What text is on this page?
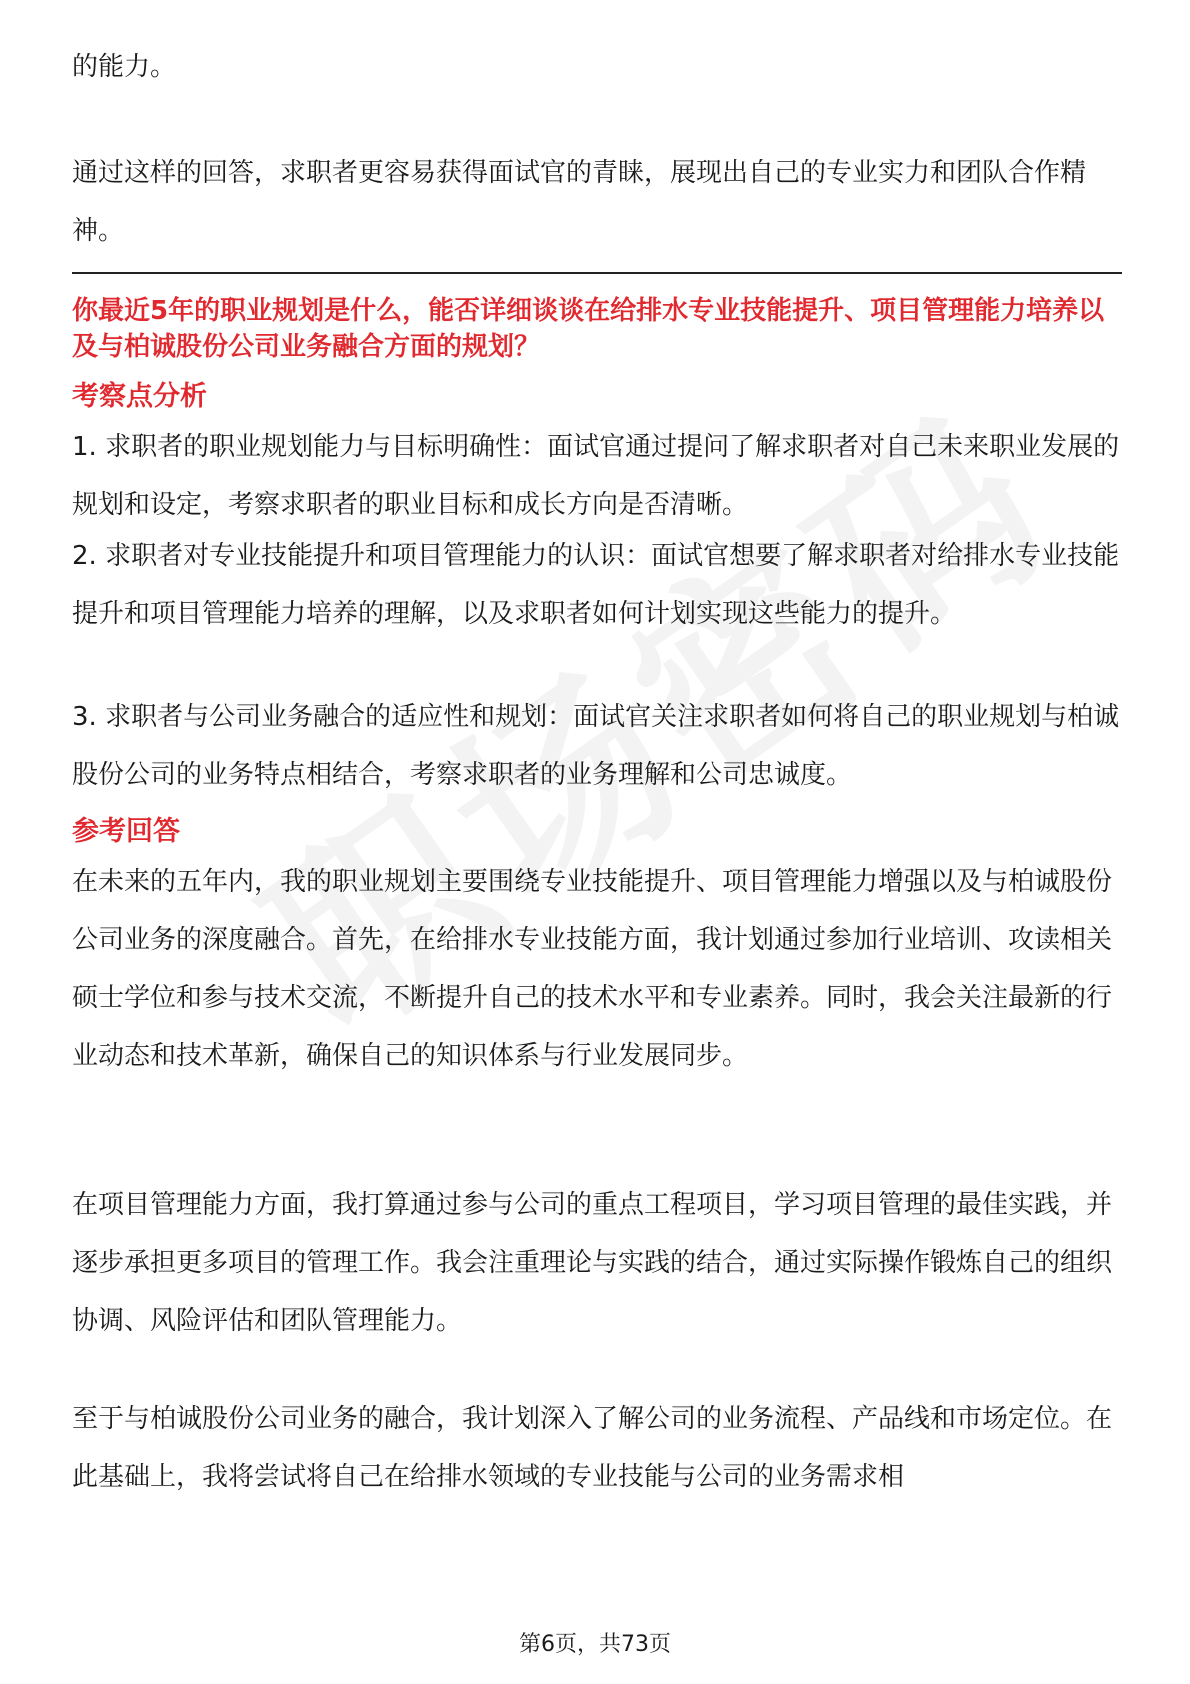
的能力。

通过这样的回答，求职者更容易获得面试官的青睐，展现出自己的专业实力和团队合作精神。

你最近5年的职业规划是什么，能否详细谈谈在给排水专业技能提升、项目管理能力培养以及与柏诚股份公司业务融合方面的规划？

考察点分析

1. 求职者的职业规划能力与目标明确性：面试官通过提问了解求职者对自己未来职业发展的规划和设定，考察求职者的职业目标和成长方向是否清晰。

2. 求职者对专业技能提升和项目管理能力的认识：面试官想要了解求职者对给排水专业技能提升和项目管理能力培养的理解，以及求职者如何计划实现这些能力的提升。

3. 求职者与公司业务融合的适应性和规划：面试官关注求职者如何将自己的职业规划与柏诚股份公司的业务特点相结合，考察求职者的业务理解和公司忠诚度。

参考回答

在未来的五年内，我的职业规划主要围绕专业技能提升、项目管理能力增强以及与柏诚股份公司业务的深度融合。首先，在给排水专业技能方面，我计划通过参加行业培训、攻读相关硕士学位和参与技术交流，不断提升自己的技术水平和专业素养。同时，我会关注最新的行业动态和技术革新，确保自己的知识体系与行业发展同步。

在项目管理能力方面，我打算通过参与公司的重点工程项目，学习项目管理的最佳实践，并逐步承担更多项目的管理工作。我会注重理论与实践的结合，通过实际操作锻炼自己的组织协调、风险评估和团队管理能力。

至于与柏诚股份公司业务的融合，我计划深入了解公司的业务流程、产品线和市场定位。在此基础上，我将尝试将自己在给排水领域的专业技能与公司的业务需求相

第6页，共73页
